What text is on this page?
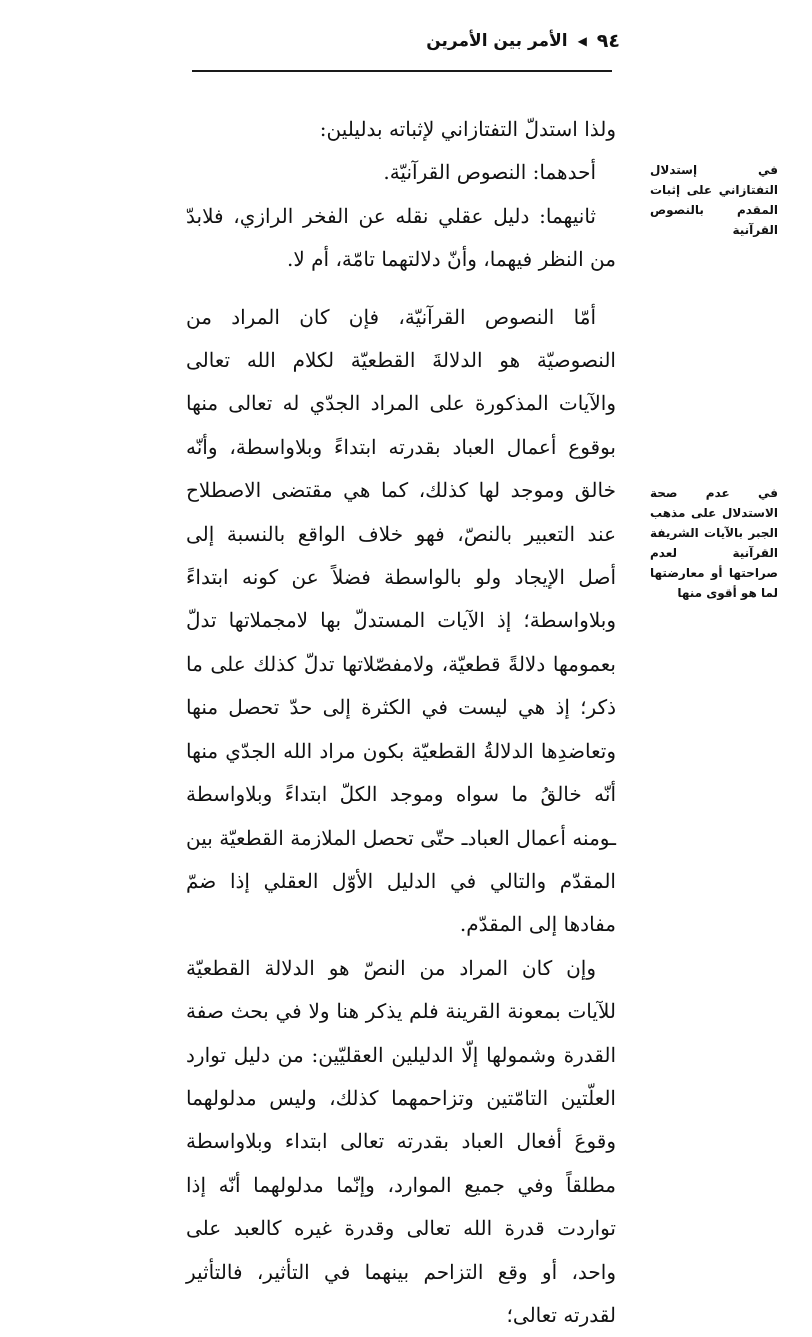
٩٤
◀
الأمر بين الأمرين
في إستدلال التفتازاني على إثبات المقدم بالنصوص القرآنية
في عدم صحة الاستدلال على مذهب الجبر بالآيات الشريفة القرآنية لعدم صراحتها أو معارضتها لما هو أقوى منها

ولذا استدلّ التفتازاني لإثباته بدليلين:

أحدهما: النصوص القرآنيّة.

ثانيهما: دليل عقلي نقله عن الفخر الرازي، فلابدّ من النظر فيهما، وأنّ دلالتهما تامّة، أم لا.

أمّا النصوص القرآنيّة، فإن كان المراد من النصوصيّة هو الدلالةَ القطعيّة لكلام الله تعالى والآيات المذكورة على المراد الجدّي له تعالى منها بوقوع أعمال العباد بقدرته ابتداءً وبلاواسطة، وأنّه خالق وموجد لها كذلك، كما هي مقتضى الاصطلاح عند التعبير بالنصّ، فهو خلاف الواقع بالنسبة إلى أصل الإيجاد ولو بالواسطة فضلاً عن كونه ابتداءً وبلاواسطة؛ إذ الآيات المستدلّ بها لامجملاتها تدلّ بعمومها دلالةً قطعيّة، ولامفصّلاتها تدلّ كذلك على ما ذكر؛ إذ هي ليست في الكثرة إلى حدّ تحصل منها وتعاضدِها الدلالةُ القطعيّة بكون مراد الله الجدّي منها أنّه خالقُ ما سواه وموجد الكلّ ابتداءً وبلاواسطة ـومنه أعمال العبادـ حتّى تحصل الملازمة القطعيّة بين المقدّم والتالي في الدليل الأوّل العقلي إذا ضمّ مفادها إلى المقدّم.

وإن كان المراد من النصّ هو الدلالة القطعيّة للآيات بمعونة القرينة فلم يذكر هنا ولا في بحث صفة القدرة وشمولها إلّا الدليلين العقليّين: من دليل توارد العلّتين التامّتين وتزاحمهما كذلك، وليس مدلولهما وقوعَ أفعال العباد بقدرته تعالى ابتداء وبلاواسطة مطلقاً وفي جميع الموارد، وإنّما مدلولهما أنّه إذا تواردت قدرة الله تعالى وقدرة غيره كالعبد على واحد، أو وقع التزاحم بينهما في التأثير، فالتأثير لقدرته تعالى؛
